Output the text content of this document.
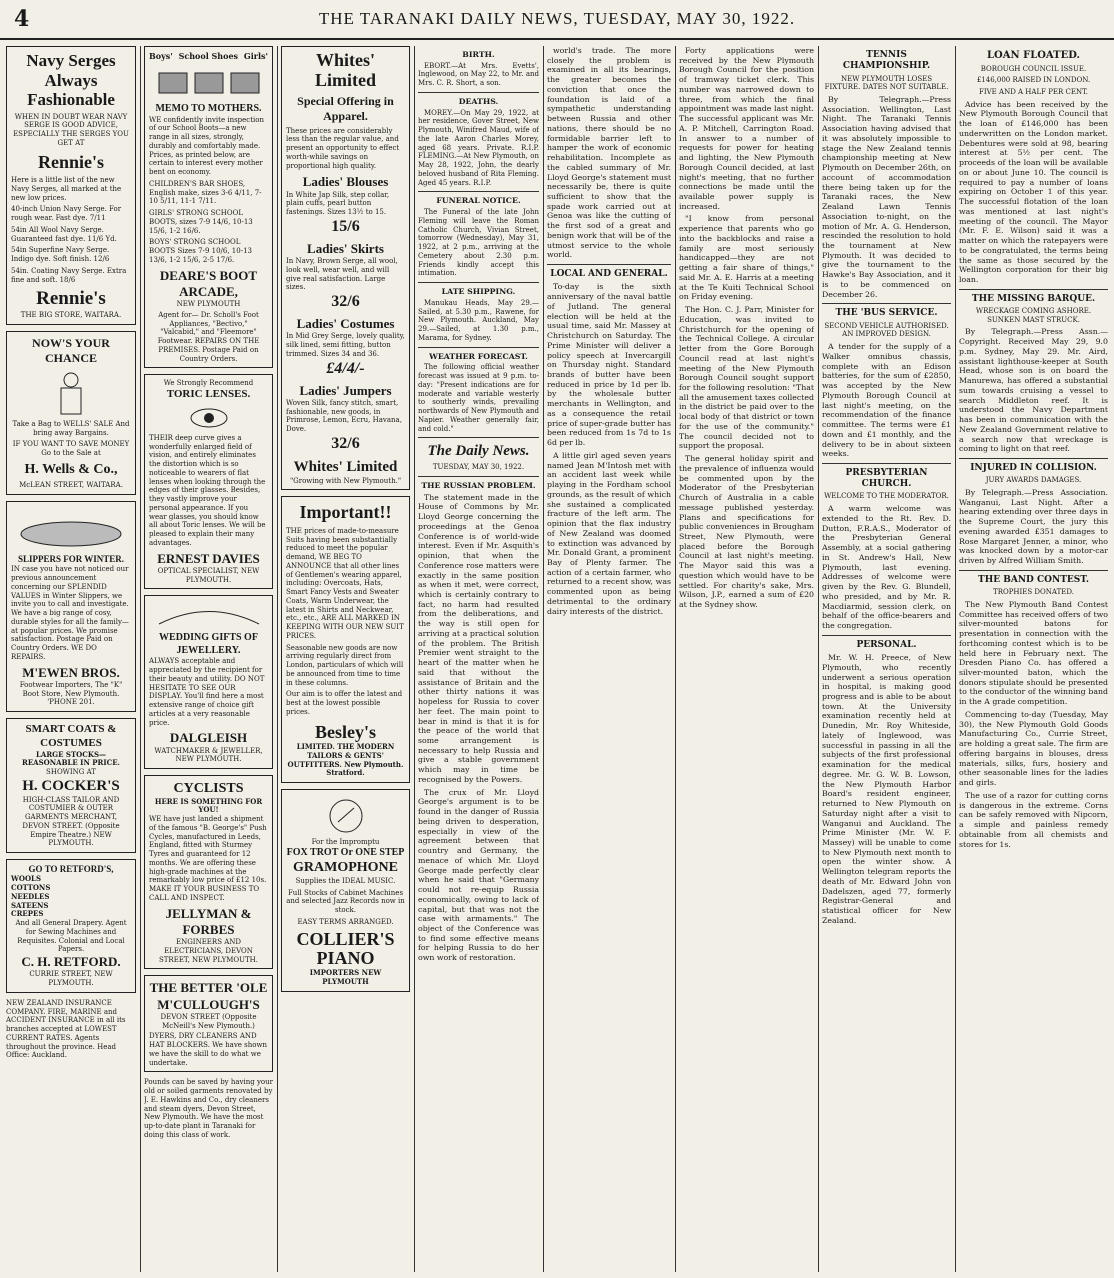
4	THE TARANAKI DAILY NEWS, TUESDAY, MAY 30, 1922.
Navy Serges Always Fashionable
WHEN IN DOUBT WEAR NAVY SERGE IS GOOD ADVICE, ESPECIALLY THE SERGES YOU GET AT
Rennie's
Here is a little list of the new Navy Serges, all marked at the new low prices.
40-inch Union Navy Serge. For rough wear. Fast dye. 7/11
54in All Wool Navy Serge. Guaranteed fast dye. 11/6 Yd.
54in Superfine Navy Serge. Indigo dye. Soft finish. 12/6
54in. Coating Navy Serge. Extra fine and soft. 18/6
Rennie's
THE BIG STORE, WAITARA.
NOW'S YOUR CHANCE
Take a Bag to WELLS' SALE And bring away Bargains.
IF YOU WANT TO SAVE MONEY Go to the Sale at
H. Wells & Co.,
McLEAN STREET, WAITARA.
SLIPPERS FOR WINTER.
IN case you have not noticed our previous announcement concerning our SPLENDID VALUES in Winter Slippers, we invite you to call and investigate. We have a big range of cosy, durable styles for all the family—at popular prices. We promise satisfaction. Postage Paid on Country Orders. WE DO REPAIRS.
M'EWEN BROS.
Footwear Importers, The "K" Boot Store, New Plymouth. 'PHONE 201.
SMART COATS & COSTUMES
LARGE STOCKS— REASONABLE IN PRICE.
SHOWING AT
H. COCKER'S
HIGH-CLASS TAILOR AND COSTUMIER & OUTER GARMENTS MERCHANT, DEVON STREET. (Opposite Empire Theatre.) NEW PLYMOUTH.
GO TO RETFORD'S,
WOOLS
COTTONS
NEEDLES
SATEENS
CREPES
And all General Drapery. Agent for Sewing Machines and Requisites. Colonial and Local Papers.
C. H. RETFORD.
CURRIE STREET, NEW PLYMOUTH.
NEW ZEALAND INSURANCE COMPANY. FIRE, MARINE and ACCIDENT INSURANCE in all its branches accepted at LOWEST CURRENT RATES. Agents throughout the province. Head Office: Auckland.
Boys' School Shoes Girls'
MEMO TO MOTHERS.
WE confidently invite inspection of our School Boots—a new range in all sizes, strongly, durably and comfortably made. Prices, as printed below, are certain to interest every mother bent on economy.
CHILDREN'S BAR SHOES, English make, sizes 3-6 4/11, 7-10 5/11, 11-1 7/11.
GIRLS' STRONG SCHOOL BOOTS, sizes 7-9 14/6, 10-13 15/6, 1-2 16/6.
BOYS' STRONG SCHOOL BOOTS Sizes 7-9 10/6, 10-13 13/6, 1-2 15/6, 2-5 17/6.
DEARE'S BOOT ARCADE,
NEW PLYMOUTH
Agent for— Dr. Scholl's Foot Appliances, "Bectivo," "Valcabid," and "Fleemore" Footwear. REPAIRS ON THE PREMISES. Postage Paid on Country Orders.
We Strongly Recommend
TORIC LENSES.
THEIR deep curve gives a wonderfully enlarged field of vision, and entirely eliminates the distortion which is so noticeable to wearers of flat lenses when looking through the edges of their glasses. Besides, they vastly improve your personal appearance. If you wear glasses, you should know all about Toric lenses. We will be pleased to explain their many advantages.
ERNEST DAVIES
OPTICAL SPECIALIST, NEW PLYMOUTH.
WEDDING GIFTS OF JEWELLERY.
ALWAYS acceptable and appreciated by the recipient for their beauty and utility. DO NOT HESITATE TO SEE OUR DISPLAY. You'll find here a most extensive range of choice gift articles at a very reasonable price.
DALGLEISH
WATCHMAKER & JEWELLER, NEW PLYMOUTH.
CYCLISTS
HERE IS SOMETHING FOR YOU!
WE have just landed a shipment of the famous "B. George's" Push Cycles, manufactured in Leeds, England, fitted with Sturmey Tyres and guaranteed for 12 months. We are offering these high-grade machines at the remarkably low price of £12 10s. MAKE IT YOUR BUSINESS TO CALL AND INSPECT.
JELLYMAN & FORBES
ENGINEERS AND ELECTRICIANS, DEVON STREET, NEW PLYMOUTH.
THE BETTER 'OLE
M'CULLOUGH'S
DEVON STREET (Opposite McNeill's New Plymouth.)
DYERS, DRY CLEANERS AND HAT BLOCKERS. We have shown we have the skill to do what we undertake.
Pounds can be saved by having your old or soiled garments renovated by J. E. Hawkins and Co., dry cleaners and steam dyers, Devon Street, New Plymouth. We have the most up-to-date plant in Taranaki for doing this class of work.
Whites' Limited
Special Offering in Apparel.
These prices are considerably less than the regular value, and present an opportunity to effect worth-while savings on proportional high quality.
Ladies' Blouses
In White Jap Silk, step collar, plain cuffs, pearl button fastenings. Sizes 13½ to 15.
15/6
Ladies' Skirts
In Navy, Brown Serge, all wool, look well, wear well, and will give real satisfaction. Large sizes.
32/6
Ladies' Costumes
In Mid Grey Serge, lovely quality, silk lined, semi fitting, button trimmed. Sizes 34 and 36.
£4/4/-
Ladies' Jumpers
Woven Silk, fancy stitch, smart, fashionable, new goods, in Primrose, Lemon, Ecru, Havana, Dove.
32/6
Whites' Limited
"Growing with New Plymouth."
Important!!
THE prices of made-to-measure Suits having been substantially reduced to meet the popular demand, WE BEG TO ANNOUNCE that all other lines of Gentlemen's wearing apparel, including: Overcoats, Hats, Smart Fancy Vests and Sweater Coats, Warm Underwear, the latest in Shirts and Neckwear, etc., etc., ARE ALL MARKED IN KEEPING WITH OUR NEW SUIT PRICES.
Seasonable new goods are now arriving regularly direct from London, particulars of which will be announced from time to time in these columns.
Our aim is to offer the latest and best at the lowest possible prices.
Besley's
LIMITED. THE MODERN TAILORS & GENTS' OUTFITTERS. New Plymouth. Stratford.
For the Impromptu
FOX TROT Or ONE STEP
GRAMOPHONE
Supplies the IDEAL MUSIC.
Full Stocks of Cabinet Machines and selected Jazz Records now in stock.
EASY TERMS ARRANGED.
COLLIER'S PIANO
IMPORTERS NEW PLYMOUTH
BIRTH.

EBORT.—At Mrs. Evetts', Inglewood, on May 22, to Mr. and Mrs. C. R. Short, a son.

DEATHS.

MOREY.—On May 29, 1922, at her residence, Gover Street, New Plymouth, Winifred Maud, wife of the late Aaron Charles Morey, aged 68 years. Private. R.I.P. FLEMING.—At New Plymouth, on May 28, 1922, John, the dearly beloved husband of Rita Fleming. Aged 45 years. R.I.P.

FUNERAL NOTICE.

The Funeral of the late John Fleming will leave the Roman Catholic Church, Vivian Street, tomorrow (Wednesday), May 31, 1922, at 2 p.m., arriving at the Cemetery about 2.30 p.m. Friends kindly accept this intimation.

LATE SHIPPING.

Manukau Heads, May 29.—Sailed, at 5.30 p.m., Rawene, for New Plymouth. Auckland, May 29.—Sailed, at 1.30 p.m., Marama, for Sydney.

WEATHER FORECAST.

The following official weather forecast was issued at 9 p.m. to-day: "Present indications are for moderate and variable westerly to southerly winds, prevailing northwards of New Plymouth and Napier. Weather generally fair, and cold."

The Daily News.
TUESDAY, MAY 30, 1922.
THE RUSSIAN PROBLEM.

The statement made in the House of Commons by Mr. Lloyd George concerning the proceedings at the Genoa Conference is of world-wide interest. Even if Mr. Asquith's opinion, that when the Conference rose matters were exactly in the same position as when it met, were correct, which is certainly contrary to fact, no harm had resulted from the deliberations, and the way is still open for arriving at a practical solution of the problem. The British Premier went straight to the heart of the matter when he said that without the assistance of Britain and the other thirty nations it was hopeless for Russia to cover her feet. The main point to bear in mind is that it is for the peace of the world that some arrangement is necessary to help Russia and give a stable government which may in time be recognised by the Powers.

The crux of Mr. Lloyd George's argument is to be found in the danger of Russia being driven to desperation, especially in view of the agreement between that country and Germany, the menace of which Mr. Lloyd George made perfectly clear when he said that "Germany could not re-equip Russia economically, owing to lack of capital, but that was not the case with armaments." The object of the Conference was to find some effective means for helping Russia to do her own work of restoration.

world's trade. The more closely the problem is examined in all its bearings, the greater becomes the conviction that once the foundation is laid of a sympathetic understanding between Russia and other nations, there should be no formidable barrier left to hamper the work of economic rehabilitation. Incomplete as the cabled summary of Mr. Lloyd George's statement must necessarily be, there is quite sufficient to show that the spade work carried out at Genoa was like the cutting of the first sod of a great and benign work that will be of the utmost service to the whole world.

LOCAL AND GENERAL.

To-day is the sixth anniversary of the naval battle of Jutland. The general election will be held at the usual time, said Mr. Massey at Christchurch on Saturday. The Prime Minister will deliver a policy speech at Invercargill on Thursday night. Standard brands of butter have been reduced in price by 1d per lb. by the wholesale butter merchants in Wellington, and as a consequence the retail price of super-grade butter has been reduced from 1s 7d to 1s 6d per lb.

A little girl aged seven years named Jean M'Intosh met with an accident last week while playing in the Fordham school grounds, as the result of which she sustained a complicated fracture of the left arm. The opinion that the flax industry of New Zealand was doomed to extinction was advanced by Mr. Donald Grant, a prominent Bay of Plenty farmer. The action of a certain farmer, who returned to a recent show, was commented upon as being detrimental to the ordinary dairy interests of the district.

Forty applications were received by the New Plymouth Borough Council for the position of tramway ticket clerk. This number was narrowed down to three, from which the final appointment was made last night. The successful applicant was Mr. A. P. Mitchell, Carrington Road. In answer to a number of requests for power for heating and lighting, the New Plymouth Borough Council decided, at last night's meeting, that no further connections be made until the available power supply is increased.

"I know from personal experience that parents who go into the backblocks and raise a family are most seriously handicapped—they are not getting a fair share of things," said Mr. A. E. Harris at a meeting at the Te Kuiti Technical School on Friday evening.

The Hon. C. J. Parr, Minister for Education, was invited to Christchurch for the opening of the Technical College. A circular letter from the Gore Borough Council read at last night's meeting of the New Plymouth Borough Council sought support for the following resolution: "That all the amusement taxes collected in the district be paid over to the local body of that district or town for the use of the community." The council decided not to support the proposal.

The general holiday spirit and the prevalence of influenza would be commented upon by the Moderator of the Presbyterian Church of Australia in a cable message published yesterday. Plans and specifications for public conveniences in Brougham Street, New Plymouth, were placed before the Borough Council at last night's meeting. The Mayor said this was a question which would have to be settled. For charity's sake, Mrs. Wilson, J.P., earned a sum of £20 at the Sydney show.

TENNIS CHAMPIONSHIP.
NEW PLYMOUTH LOSES FIXTURE. DATES NOT SUITABLE.

By Telegraph.—Press Association. Wellington, Last Night. The Taranaki Tennis Association having advised that it was absolutely impossible to stage the New Zealand tennis championship meeting at New Plymouth on December 26th, on account of accommodation there being taken up for the Taranaki races, the New Zealand Lawn Tennis Association to-night, on the motion of Mr. A. G. Henderson, rescinded the resolution to hold the tournament at New Plymouth. It was decided to give the tournament to the Hawke's Bay Association, and it is to be commenced on December 26.

THE 'BUS SERVICE.
SECOND VEHICLE AUTHORISED. AN IMPROVED DESIGN.

A tender for the supply of a Walker omnibus chassis, complete with an Edison batteries, for the sum of £2850, was accepted by the New Plymouth Borough Council at last night's meeting, on the recommendation of the finance committee. The terms were £1 down and £1 monthly, and the delivery to be in about sixteen weeks.

PRESBYTERIAN CHURCH.
WELCOME TO THE MODERATOR.

A warm welcome was extended to the Rt. Rev. D. Dutton, F.R.A.S., Moderator of the Presbyterian General Assembly, at a social gathering in St. Andrew's Hall, New Plymouth, last evening. Addresses of welcome were given by the Rev. G. Blundell, who presided, and by Mr. R. Macdiarmid, session clerk, on behalf of the office-bearers and the congregation.

PERSONAL.

Mr. W. H. Preece, of New Plymouth, who recently underwent a serious operation in hospital, is making good progress and is able to be about town. At the University examination recently held at Dunedin, Mr. Roy Whiteside, lately of Inglewood, was successful in passing in all the subjects of the first professional examination for the medical degree. Mr. G. W. B. Lowson, the New Plymouth Harbor Board's resident engineer, returned to New Plymouth on Saturday night after a visit to Wanganui and Auckland. The Prime Minister (Mr. W. F. Massey) will be unable to come to New Plymouth next month to open the winter show. A Wellington telegram reports the death of Mr. Edward John von Dadelszen, aged 77, formerly Registrar-General and statistical officer for New Zealand.

LOAN FLOATED.
BOROUGH COUNCIL ISSUE.
£146,000 RAISED IN LONDON.
FIVE AND A HALF PER CENT.

Advice has been received by the New Plymouth Borough Council that the loan of £146,000 has been underwritten on the London market. Debentures were sold at 98, bearing interest at 5½ per cent. The proceeds of the loan will be available on or about June 10. The council is required to pay a number of loans expiring on October 1 of this year. The successful flotation of the loan was mentioned at last night's meeting of the council. The Mayor (Mr. F. E. Wilson) said it was a matter on which the ratepayers were to be congratulated, the terms being the same as those secured by the Wellington corporation for their big loan.

THE MISSING BARQUE.
WRECKAGE COMING ASHORE. SUNKEN MAST STRUCK.

By Telegraph.—Press Assn.—Copyright. Received May 29, 9.0 p.m. Sydney, May 29. Mr. Aird, assistant lighthouse-keeper at South Head, whose son is on board the Manurewa, has offered a substantial sum towards cruising a vessel to search Middleton reef. It is understood the Navy Department has been in communication with the New Zealand Government relative to a search now that wreckage is coming to light on that reef.

INJURED IN COLLISION.
JURY AWARDS DAMAGES.

By Telegraph.—Press Association. Wanganui, Last Night. After a hearing extending over three days in the Supreme Court, the jury this evening awarded £351 damages to Rose Margaret Jenner, a minor, who was knocked down by a motor-car driven by Alfred William Smith.

THE BAND CONTEST.
TROPHIES DONATED.

The New Plymouth Band Contest Committee has received offers of two silver-mounted batons for presentation in connection with the forthcoming contest which is to be held here in February next. The Dresden Piano Co. has offered a silver-mounted baton, which the donors stipulate should be presented to the conductor of the winning band in the A grade competition.

Commencing to-day (Tuesday, May 30), the New Plymouth Gold Goods Manufacturing Co., Currie Street, are holding a great sale. The firm are offering bargains in blouses, dress materials, silks, furs, hosiery and other seasonable lines for the ladies and girls.

The use of a razor for cutting corns is dangerous in the extreme. Corns can be safely removed with Nipcorn, a simple and painless remedy obtainable from all chemists and stores for 1s.
